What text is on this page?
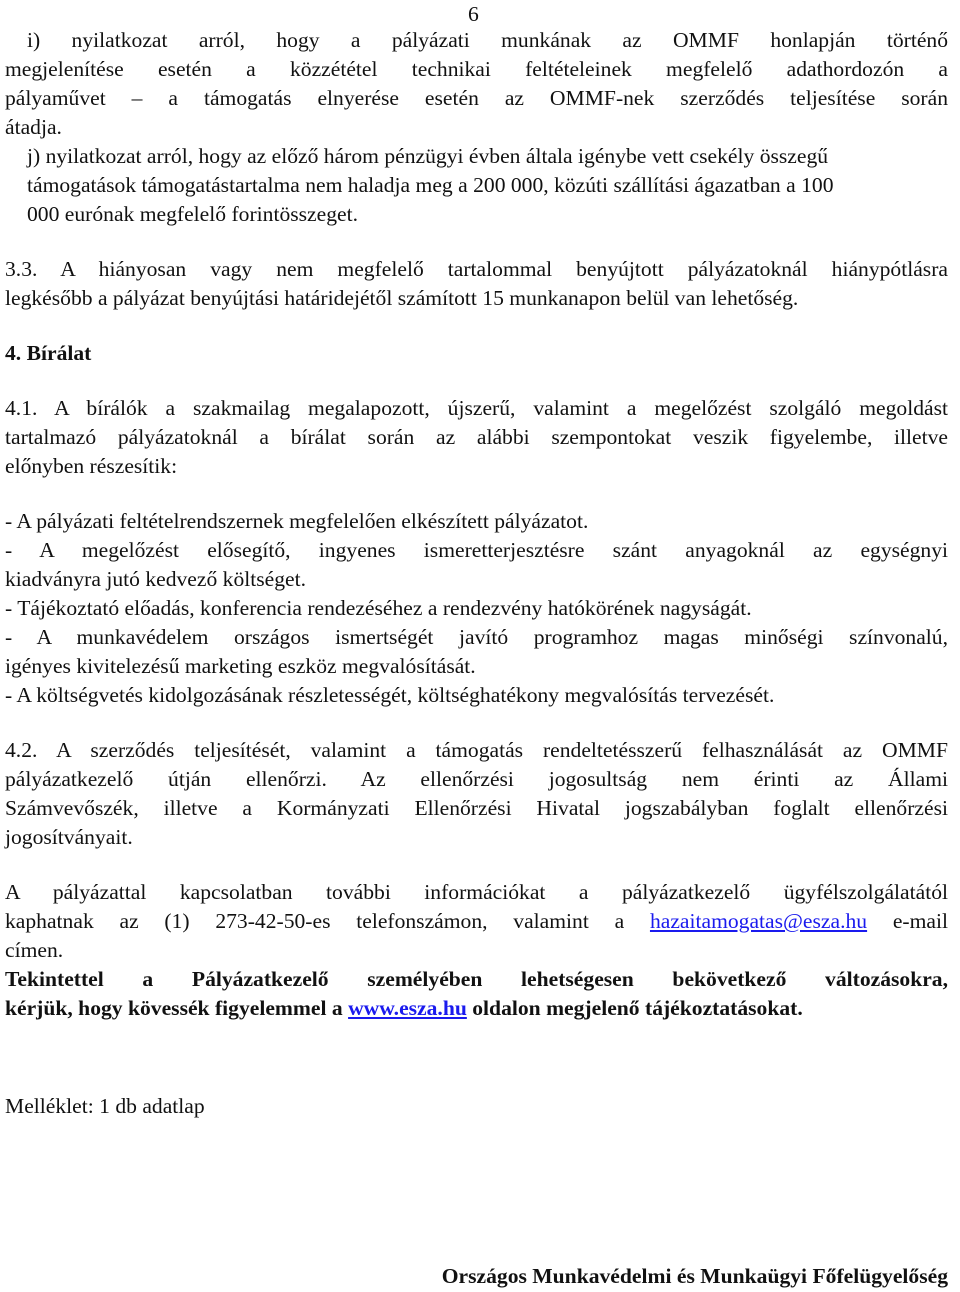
6

i) nyilatkozat arról, hogy a pályázati munkának az OMMF honlapján történő

megjelenítése esetén a közzététel technikai feltételeinek megfelelő adathordozón a

pályaművet – a támogatás elnyerése esetén az OMMF-nek szerződés teljesítése során

átadja.

j) nyilatkozat arról, hogy az előző három pénzügyi évben általa igénybe vett csekély összegű

támogatások támogatástartalma nem haladja meg a 200 000, közúti szállítási ágazatban a 100

000 eurónak megfelelő forintösszeget.

3.3. A hiányosan vagy nem megfelelő tartalommal benyújtott pályázatoknál hiánypótlásra

legkésőbb a pályázat benyújtási határidejétől számított 15 munkanapon belül van lehetőség.

4. Bírálat

4.1. A bírálók a szakmailag megalapozott, újszerű, valamint a megelőzést szolgáló megoldást

tartalmazó pályázatoknál a bírálat során az alábbi szempontokat veszik figyelembe, illetve

előnyben részesítik:

- A pályázati feltételrendszernek megfelelően elkészített pályázatot.

- A megelőzést elősegítő, ingyenes ismeretterjesztésre szánt anyagoknál az egységnyi

kiadványra jutó kedvező költséget.

- Tájékoztató előadás, konferencia rendezéséhez a rendezvény hatókörének nagyságát.

- A munkavédelem országos ismertségét javító programhoz magas minőségi színvonalú,

igényes kivitelezésű marketing eszköz megvalósítását.

- A költségvetés kidolgozásának részletességét, költséghatékony megvalósítás tervezését.

4.2. A szerződés teljesítését, valamint a támogatás rendeltetésszerű felhasználását az OMMF

pályázatkezelő útján ellenőrzi. Az ellenőrzési jogosultság nem érinti az Állami

Számvevőszék, illetve a Kormányzati Ellenőrzési Hivatal jogszabályban foglalt ellenőrzési

jogosítványait.

A pályázattal kapcsolatban további információkat a pályázatkezelő ügyfélszolgálatától

kaphatnak az (1) 273-42-50-es telefonszámon, valamint a hazaitamogatas@esza.hu e-mail

címen.

Tekintettel a Pályázatkezelő személyében lehetségesen bekövetkező változásokra,

kérjük, hogy kövessék figyelemmel a www.esza.hu oldalon megjelenő tájékoztatásokat.

Melléklet: 1 db adatlap

Országos Munkavédelmi és Munkaügyi Főfelügyelőség
